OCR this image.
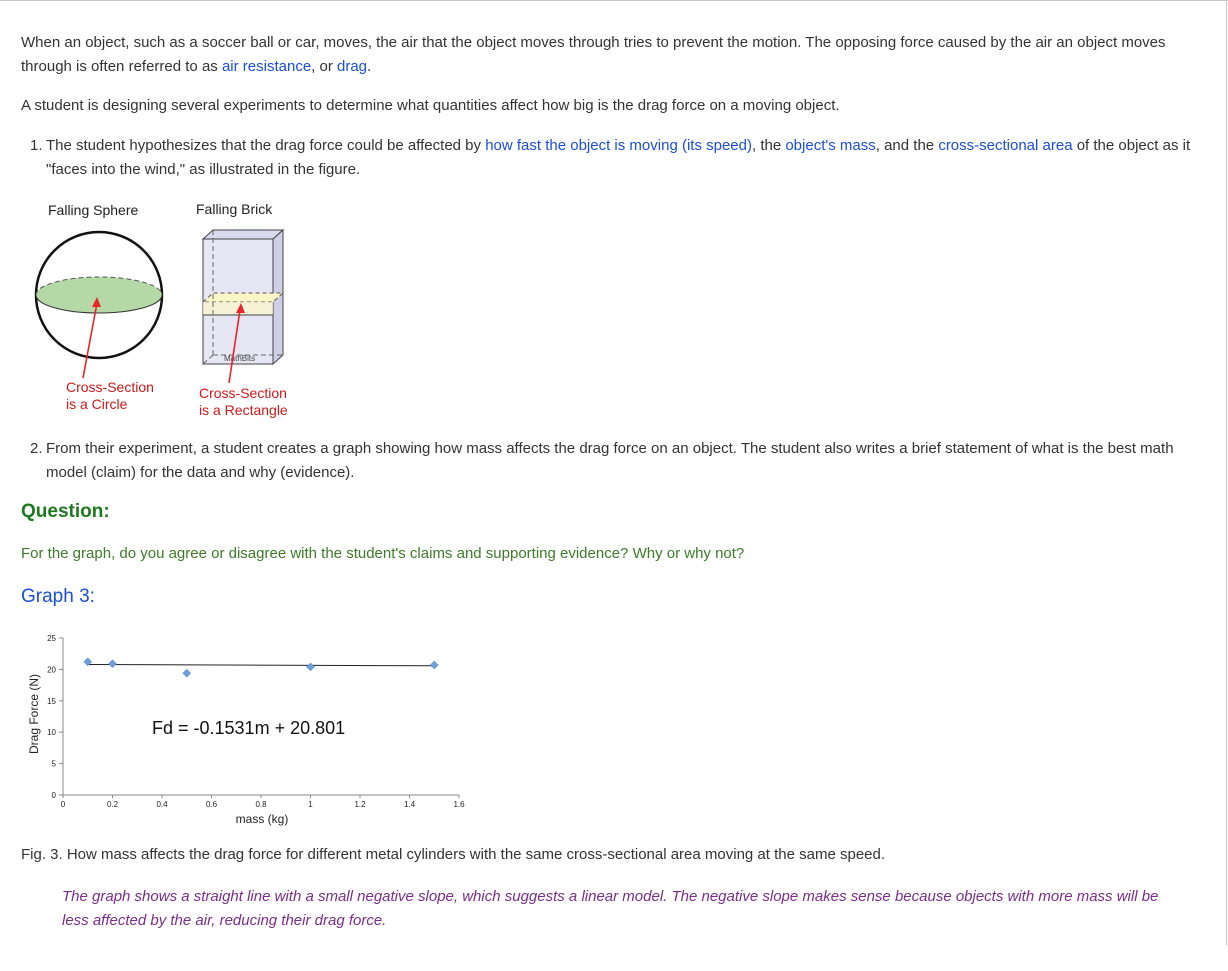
When an object, such as a soccer ball or car, moves, the air that the object moves through tries to prevent the motion. The opposing force caused by the air an object moves through is often referred to as air resistance, or drag.
A student is designing several experiments to determine what quantities affect how big is the drag force on a moving object.
1. The student hypothesizes that the drag force could be affected by how fast the object is moving (its speed), the object's mass, and the cross-sectional area of the object as it "faces into the wind," as illustrated in the figure.
Falling Sphere	Falling Brick
Cross-Section
is a Circle
MathBits
Cross-Section
is a Rectangle
2. From their experiment, a student creates a graph showing how mass affects the drag force on an object. The student also writes a brief statement of what is the best math model (claim) for the data and why (evidence).
Question:
For the graph, do you agree or disagree with the student's claims and supporting evidence? Why or why not?
Graph 3:
0
5
10
15
20
25
0	0.2	0.4	0.6	0.8	1	1.2	1.4	1.6
Drag Force (N)
mass (kg)
Fd = -0.1531m + 20.801
Fig. 3. How mass affects the drag force for different metal cylinders with the same cross-sectional area moving at the same speed.
The graph shows a straight line with a small negative slope, which suggests a linear model. The negative slope makes sense because objects with more mass will be less affected by the air, reducing their drag force.
